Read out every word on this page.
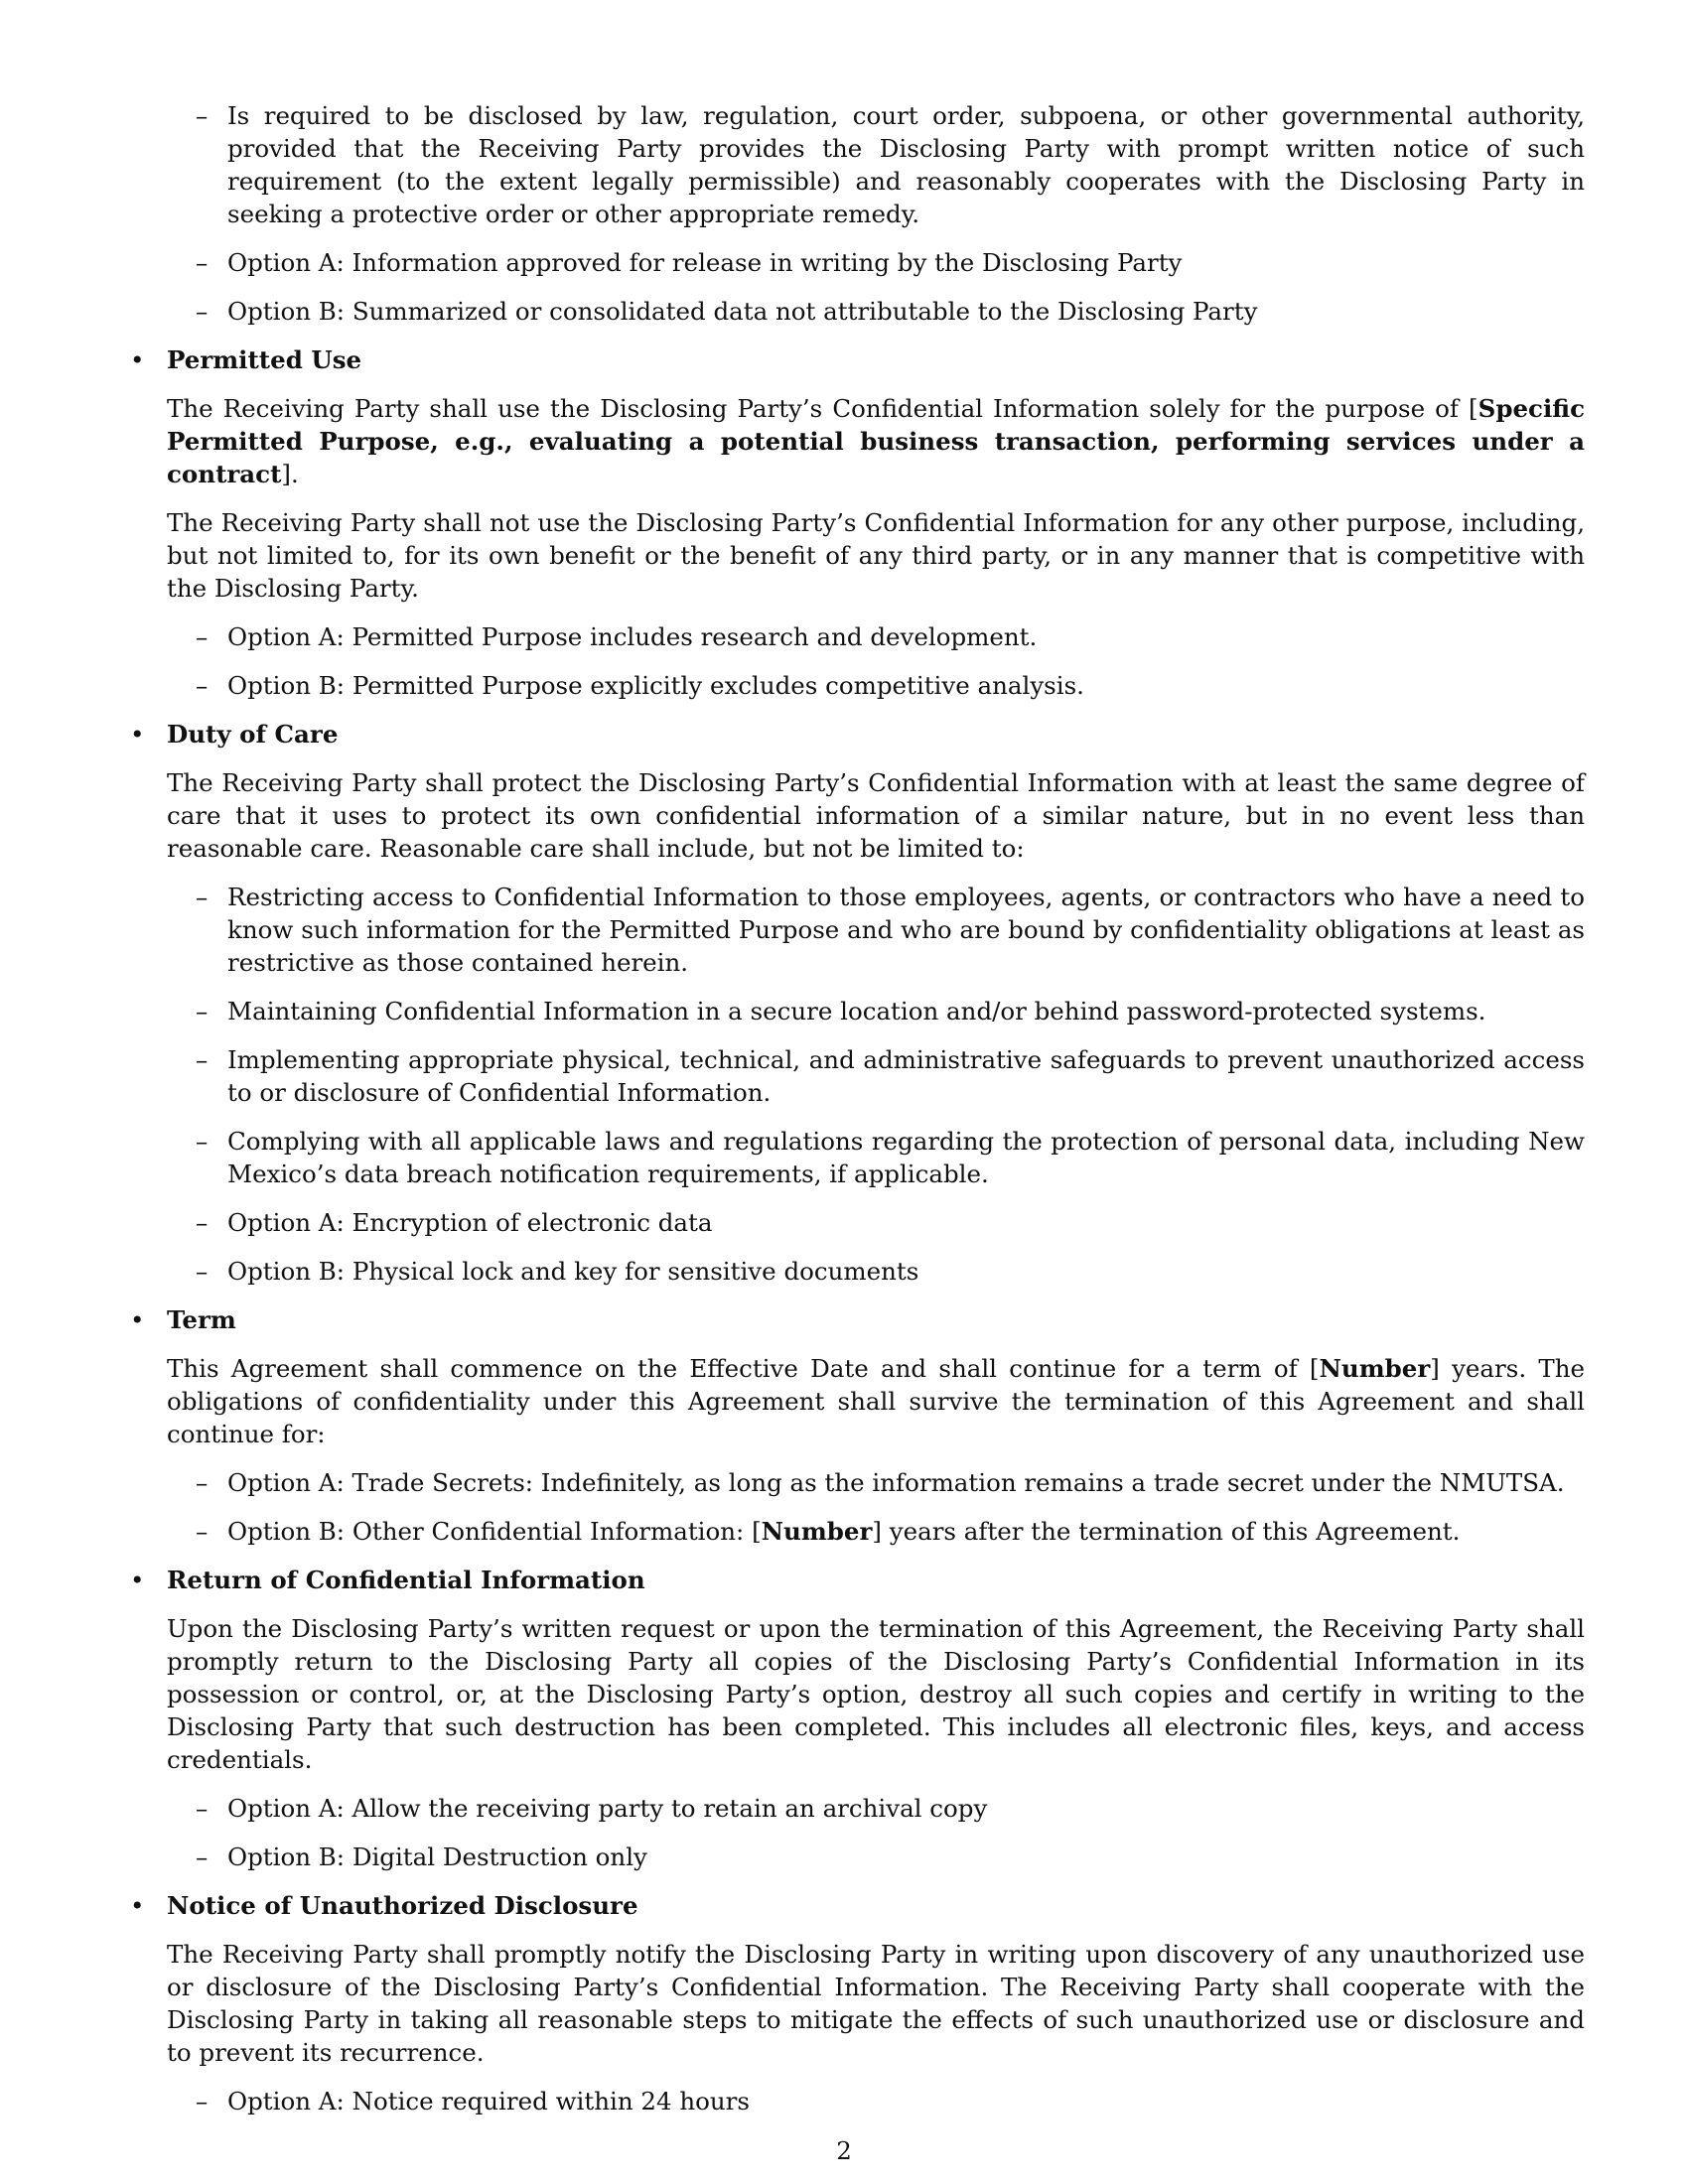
– Is required to be disclosed by law, regulation, court order, subpoena, or other governmental authority, provided that the Receiving Party provides the Disclosing Party with prompt written notice of such requirement (to the extent legally permissible) and reasonably cooperates with the Disclosing Party in seeking a protective order or other appropriate remedy.
– Option A: Information approved for release in writing by the Disclosing Party
– Option B: Summarized or consolidated data not attributable to the Disclosing Party
• Permitted Use
The Receiving Party shall use the Disclosing Party’s Confidential Information solely for the purpose of [Specific Permitted Purpose, e.g., evaluating a potential business transaction, performing services under a contract].
The Receiving Party shall not use the Disclosing Party’s Confidential Information for any other purpose, including, but not limited to, for its own benefit or the benefit of any third party, or in any manner that is competitive with the Disclosing Party.
– Option A: Permitted Purpose includes research and development.
– Option B: Permitted Purpose explicitly excludes competitive analysis.
• Duty of Care
The Receiving Party shall protect the Disclosing Party’s Confidential Information with at least the same degree of care that it uses to protect its own confidential information of a similar nature, but in no event less than reasonable care. Reasonable care shall include, but not be limited to:
– Restricting access to Confidential Information to those employees, agents, or contractors who have a need to know such information for the Permitted Purpose and who are bound by confidentiality obligations at least as restrictive as those contained herein.
– Maintaining Confidential Information in a secure location and/or behind password-protected systems.
– Implementing appropriate physical, technical, and administrative safeguards to prevent unauthorized access to or disclosure of Confidential Information.
– Complying with all applicable laws and regulations regarding the protection of personal data, including New Mexico’s data breach notification requirements, if applicable.
– Option A: Encryption of electronic data
– Option B: Physical lock and key for sensitive documents
• Term
This Agreement shall commence on the Effective Date and shall continue for a term of [Number] years. The obligations of confidentiality under this Agreement shall survive the termination of this Agreement and shall continue for:
– Option A: Trade Secrets: Indefinitely, as long as the information remains a trade secret under the NMUTSA.
– Option B: Other Confidential Information: [Number] years after the termination of this Agreement.
• Return of Confidential Information
Upon the Disclosing Party’s written request or upon the termination of this Agreement, the Receiving Party shall promptly return to the Disclosing Party all copies of the Disclosing Party’s Confidential Information in its possession or control, or, at the Disclosing Party’s option, destroy all such copies and certify in writing to the Disclosing Party that such destruction has been completed. This includes all electronic files, keys, and access credentials.
– Option A: Allow the receiving party to retain an archival copy
– Option B: Digital Destruction only
• Notice of Unauthorized Disclosure
The Receiving Party shall promptly notify the Disclosing Party in writing upon discovery of any unauthorized use or disclosure of the Disclosing Party’s Confidential Information. The Receiving Party shall cooperate with the Disclosing Party in taking all reasonable steps to mitigate the effects of such unauthorized use or disclosure and to prevent its recurrence.
– Option A: Notice required within 24 hours
2
